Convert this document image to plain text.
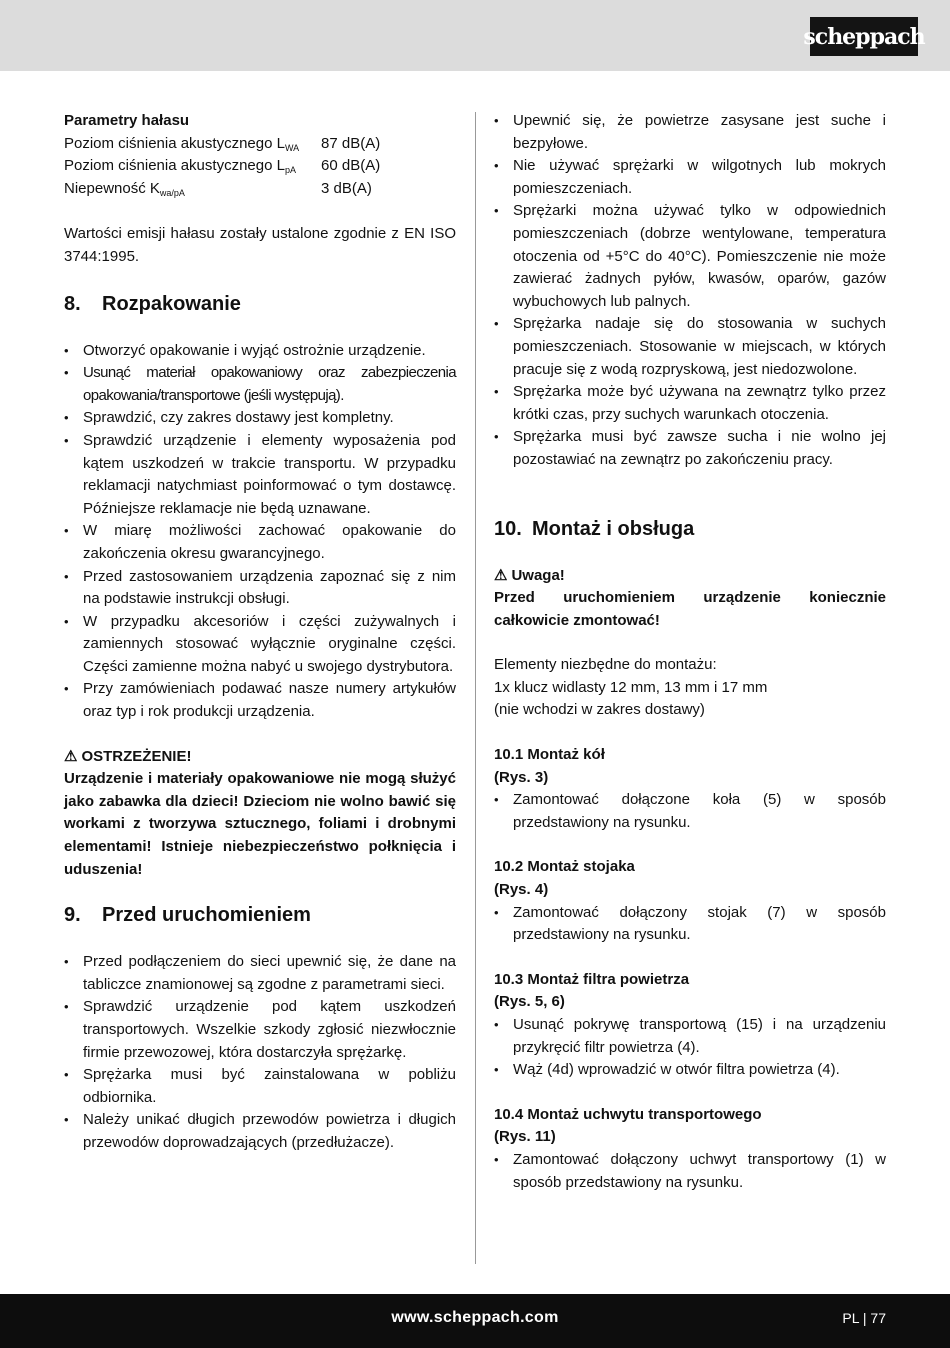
scheppach
Parametry hałasu
Poziom ciśnienia akustycznego $L_{WA}$	87 dB(A)
Poziom ciśnienia akustycznego $L_{pA}$	60 dB(A)
Niepewność $K_{wa/pA}$	3 dB(A)
Wartości emisji hałasu zostały ustalone zgodnie z EN ISO 3744:1995.
8. Rozpakowanie
• Otworzyć opakowanie i wyjąć ostrożnie urządzenie.
• Usunąć materiał opakowaniowy oraz zabezpieczenia opakowania/transportowe (jeśli występują).
• Sprawdzić, czy zakres dostawy jest kompletny.
• Sprawdzić urządzenie i elementy wyposażenia pod kątem uszkodzeń w trakcie transportu. W przypadku reklamacji natychmiast poinformować o tym dostawcę. Późniejsze reklamacje nie będą uznawane.
• W miarę możliwości zachować opakowanie do zakończenia okresu gwarancyjnego.
• Przed zastosowaniem urządzenia zapoznać się z nim na podstawie instrukcji obsługi.
• W przypadku akcesoriów i części zużywalnych i zamiennych stosować wyłącznie oryginalne części. Części zamienne można nabyć u swojego dystrybutora.
• Przy zamówieniach podawać nasze numery artykułów oraz typ i rok produkcji urządzenia.
⚠ OSTRZEŻENIE!
Urządzenie i materiały opakowaniowe nie mogą służyć jako zabawka dla dzieci! Dzieciom nie wolno bawić się workami z tworzywa sztucznego, foliami i drobnymi elementami! Istnieje niebezpieczeństwo połknięcia i uduszenia!
9. Przed uruchomieniem
• Przed podłączeniem do sieci upewnić się, że dane na tabliczce znamionowej są zgodne z parametrami sieci.
• Sprawdzić urządzenie pod kątem uszkodzeń transportowych. Wszelkie szkody zgłosić niezwłocznie firmie przewozowej, która dostarczyła sprężarkę.
• Sprężarka musi być zainstalowana w pobliżu odbiornika.
• Należy unikać długich przewodów powietrza i długich przewodów doprowadzających (przedłużacze).
• Upewnić się, że powietrze zasysane jest suche i bezpyłowe.
• Nie używać sprężarki w wilgotnych lub mokrych pomieszczeniach.
• Sprężarki można używać tylko w odpowiednich pomieszczeniach (dobrze wentylowane, temperatura otoczenia od +5°C do 40°C). Pomieszczenie nie może zawierać żadnych pyłów, kwasów, oparów, gazów wybuchowych lub palnych.
• Sprężarka nadaje się do stosowania w suchych pomieszczeniach. Stosowanie w miejscach, w których pracuje się z wodą rozpryskową, jest niedozwolone.
• Sprężarka może być używana na zewnątrz tylko przez krótki czas, przy suchych warunkach otoczenia.
• Sprężarka musi być zawsze sucha i nie wolno jej pozostawiać na zewnątrz po zakończeniu pracy.
10. Montaż i obsługa
⚠ Uwaga!
Przed uruchomieniem urządzenie koniecznie całkowicie zmontować!
Elementy niezbędne do montażu:
1x klucz widlasty 12 mm, 13 mm i 17 mm
(nie wchodzi w zakres dostawy)
10.1 Montaż kół
(Rys. 3)
• Zamontować dołączone koła (5) w sposób przedstawiony na rysunku.
10.2 Montaż stojaka
(Rys. 4)
• Zamontować dołączony stojak (7) w sposób przedstawiony na rysunku.
10.3 Montaż filtra powietrza
(Rys. 5, 6)
• Usunąć pokrywę transportową (15) i na urządzeniu przykręcić filtr powietrza (4).
• Wąż (4d) wprowadzić w otwór filtra powietrza (4).
10.4 Montaż uchwytu transportowego
(Rys. 11)
• Zamontować dołączony uchwyt transportowy (1) w sposób przedstawiony na rysunku.
www.scheppach.com	PL | 77
